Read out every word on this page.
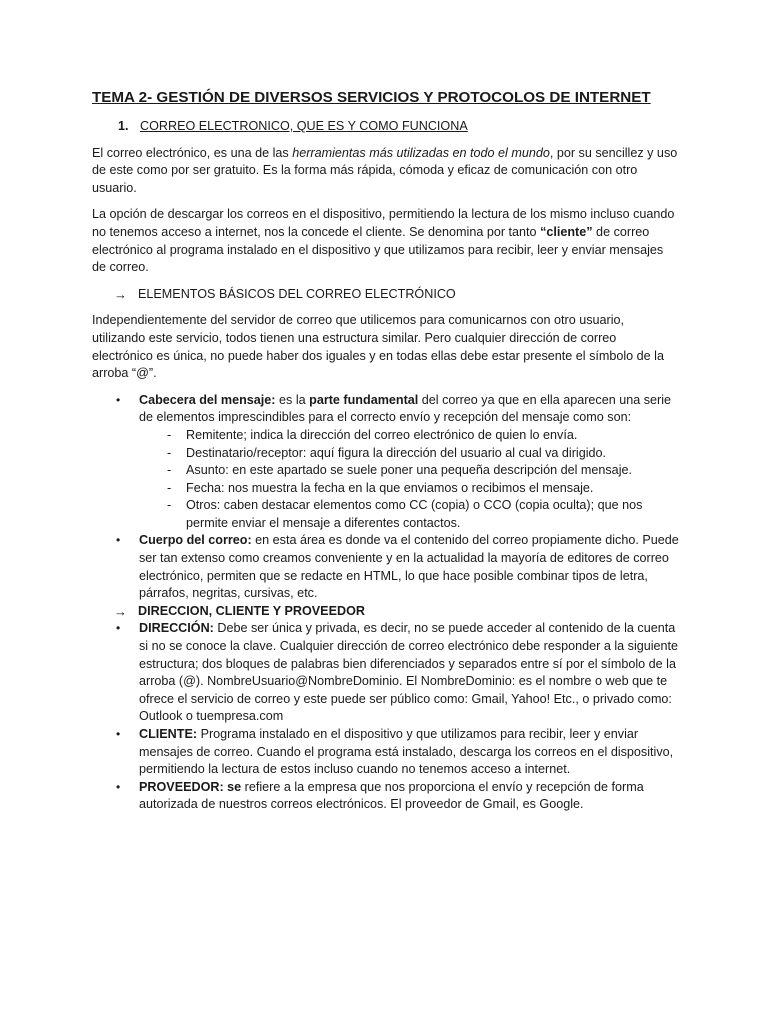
TEMA 2- GESTIÓN DE DIVERSOS SERVICIOS Y PROTOCOLOS DE INTERNET
1. CORREO ELECTRONICO, QUE ES Y COMO FUNCIONA

El correo electrónico, es una de las herramientas más utilizadas en todo el mundo, por su sencillez y uso de este como por ser gratuito. Es la forma más rápida, cómoda y eficaz de comunicación con otro usuario.

La opción de descargar los correos en el dispositivo, permitiendo la lectura de los mismo incluso cuando no tenemos acceso a internet, nos la concede el cliente. Se denomina por tanto “cliente” de correo electrónico al programa instalado en el dispositivo y que utilizamos para recibir, leer y enviar mensajes de correo.

→ ELEMENTOS BÁSICOS DEL CORREO ELECTRÓNICO

Independientemente del servidor de correo que utilicemos para comunicarnos con otro usuario, utilizando este servicio, todos tienen una estructura similar. Pero cualquier dirección de correo electrónico es única, no puede haber dos iguales y en todas ellas debe estar presente el símbolo de la arroba “@”.

• Cabecera del mensaje: es la parte fundamental del correo ya que en ella aparecen una serie de elementos imprescindibles para el correcto envío y recepción del mensaje como son:
- Remitente; indica la dirección del correo electrónico de quien lo envía.
- Destinatario/receptor: aquí figura la dirección del usuario al cual va dirigido.
- Asunto: en este apartado se suele poner una pequeña descripción del mensaje.
- Fecha: nos muestra la fecha en la que enviamos o recibimos el mensaje.
- Otros: caben destacar elementos como CC (copia) o CCO (copia oculta); que nos permite enviar el mensaje a diferentes contactos.
• Cuerpo del correo: en esta área es donde va el contenido del correo propiamente dicho. Puede ser tan extenso como creamos conveniente y en la actualidad la mayoría de editores de correo electrónico, permiten que se redacte en HTML, lo que hace posible combinar tipos de letra, párrafos, negritas, cursivas, etc.
→ DIRECCION, CLIENTE Y PROVEEDOR
• DIRECCIÓN: Debe ser única y privada, es decir, no se puede acceder al contenido de la cuenta si no se conoce la clave. Cualquier dirección de correo electrónico debe responder a la siguiente estructura; dos bloques de palabras bien diferenciados y separados entre sí por el símbolo de la arroba (@). NombreUsuario@NombreDominio. El NombreDominio: es el nombre o web que te ofrece el servicio de correo y este puede ser público como: Gmail, Yahoo! Etc., o privado como: Outlook o tuempresa.com
• CLIENTE: Programa instalado en el dispositivo y que utilizamos para recibir, leer y enviar mensajes de correo. Cuando el programa está instalado, descarga los correos en el dispositivo, permitiendo la lectura de estos incluso cuando no tenemos acceso a internet.
• PROVEEDOR: se refiere a la empresa que nos proporciona el envío y recepción de forma autorizada de nuestros correos electrónicos. El proveedor de Gmail, es Google.
